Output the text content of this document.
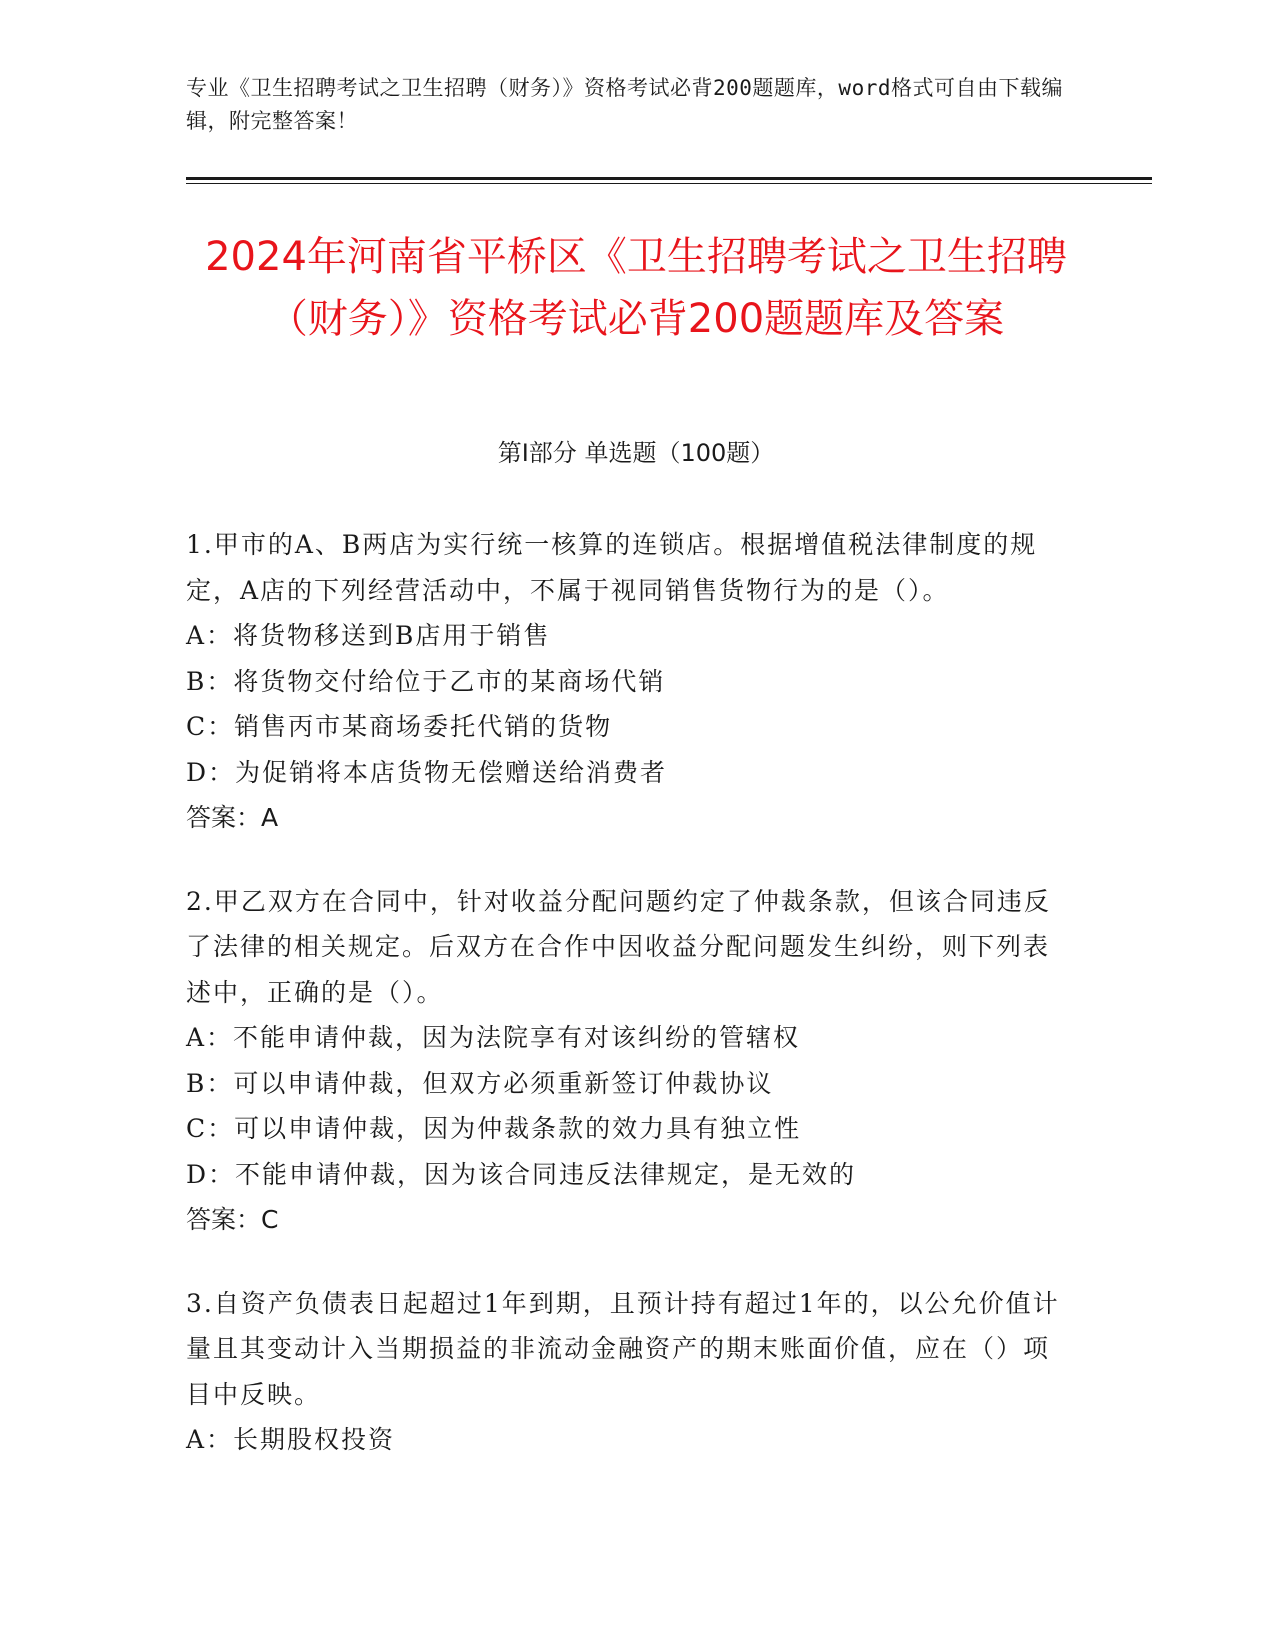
专业《卫生招聘考试之卫生招聘（财务）》资格考试必背200题题库，word格式可自由下载编辑，附完整答案！
2024年河南省平桥区《卫生招聘考试之卫生招聘（财务）》资格考试必背200题题库及答案
第Ⅰ部分 单选题（100题）
1.甲市的A、B两店为实行统一核算的连锁店。根据增值税法律制度的规定，A店的下列经营活动中，不属于视同销售货物行为的是（）。
A：将货物移送到B店用于销售
B：将货物交付给位于乙市的某商场代销
C：销售丙市某商场委托代销的货物
D：为促销将本店货物无偿赠送给消费者
答案：A
2.甲乙双方在合同中，针对收益分配问题约定了仲裁条款，但该合同违反了法律的相关规定。后双方在合作中因收益分配问题发生纠纷，则下列表述中，正确的是（）。
A：不能申请仲裁，因为法院享有对该纠纷的管辖权
B：可以申请仲裁，但双方必须重新签订仲裁协议
C：可以申请仲裁，因为仲裁条款的效力具有独立性
D：不能申请仲裁，因为该合同违反法律规定，是无效的
答案：C
3.自资产负债表日起超过1年到期，且预计持有超过1年的，以公允价值计量且其变动计入当期损益的非流动金融资产的期末账面价值，应在（）项目中反映。
A：长期股权投资
